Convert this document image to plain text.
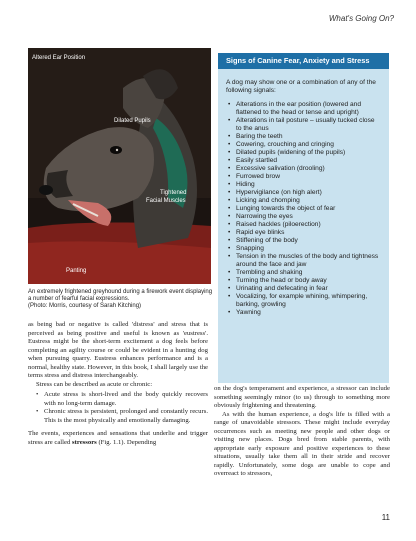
What's Going On?
Altered Ear Position
Dilated Pupils
Tightened
Facial Muscles
Panting
An extremely frightened greyhound during a firework event displaying a number of fearful facial expressions.
(Photo: Morris, courtesy of Sarah Kitching)
Signs of Canine Fear, Anxiety and Stress

A dog may show one or a combination of any of the following signals:

• Alterations in the ear position (lowered and flattened to the head or tense and upright)
• Alterations in tail posture – usually tucked close to the anus
• Baring the teeth
• Cowering, crouching and cringing
• Dilated pupils (widening of the pupils)
• Easily startled
• Excessive salivation (drooling)
• Furrowed brow
• Hiding
• Hypervigilance (on high alert)
• Licking and chomping
• Lunging towards the object of fear
• Narrowing the eyes
• Raised hackles (piloerection)
• Rapid eye blinks
• Stiffening of the body
• Snapping
• Tension in the muscles of the body and tightness around the face and jaw
• Trembling and shaking
• Turning the head or body away
• Urinating and defecating in fear
• Vocalizing, for example whining, whimpering, barking, growling
• Yawning

as being bad or negative is called 'distress' and stress that is perceived as being positive and useful is known as 'eustress'. Eustress might be the short-term excitement a dog feels before completing an agility course or could be evident in a hunting dog when pursuing quarry. Eustress enhances performance and is a normal, healthy state. However, in this book, I shall largely use the terms stress and distress interchangeably.

Stress can be described as acute or chronic:

• Acute stress is short-lived and the body quickly recovers with no long-term damage.
• Chronic stress is persistent, prolonged and constantly recurs. This is the most physically and emotionally damaging.

The events, experiences and sensations that underlie and trigger stress are called stressors (Fig. 1.1). Depending

on the dog's temperament and experience, a stressor can include something seemingly minor (to us) through to something more obviously frightening and threatening.

As with the human experience, a dog's life is filled with a range of unavoidable stressors. These might include everyday occurrences such as meeting new people and other dogs or visiting new places. Dogs bred from stable parents, with appropriate early exposure and positive experiences to these situations, usually take them all in their stride and recover rapidly. Unfortunately, some dogs are unable to cope and overreact to stressors,

11
